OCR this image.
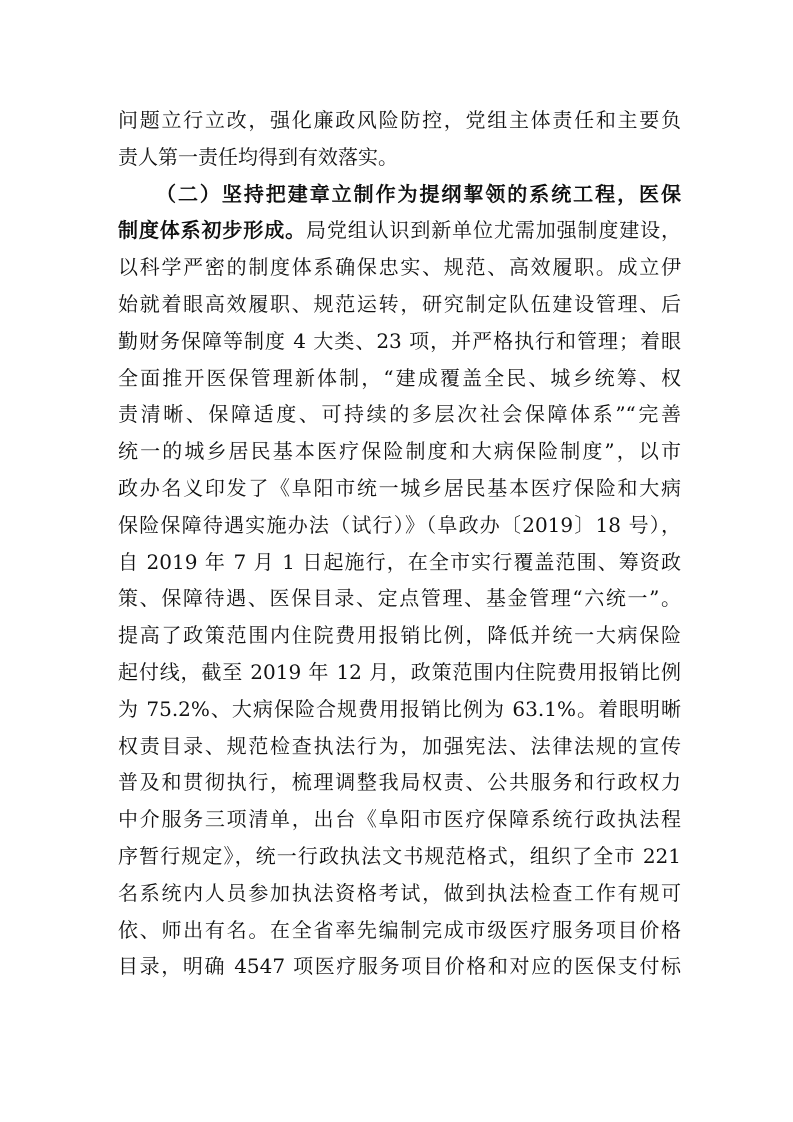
问题立行立改，强化廉政风险防控，党组主体责任和主要负
责人第一责任均得到有效落实。
（二）坚持把建章立制作为提纲挈领的系统工程，医保
制度体系初步形成。局党组认识到新单位尤需加强制度建设，
以科学严密的制度体系确保忠实、规范、高效履职。成立伊
始就着眼高效履职、规范运转，研究制定队伍建设管理、后
勤财务保障等制度 4 大类、23 项，并严格执行和管理；着眼
全面推开医保管理新体制，“建成覆盖全民、城乡统筹、权
责清晰、保障适度、可持续的多层次社会保障体系”“完善
统一的城乡居民基本医疗保险制度和大病保险制度”，以市
政办名义印发了《阜阳市统一城乡居民基本医疗保险和大病
保险保障待遇实施办法（试行）》（阜政办〔2019〕18 号），
自 2019 年 7 月 1 日起施行，在全市实行覆盖范围、筹资政
策、保障待遇、医保目录、定点管理、基金管理“六统一”。
提高了政策范围内住院费用报销比例，降低并统一大病保险
起付线，截至 2019 年 12 月，政策范围内住院费用报销比例
为 75.2%、大病保险合规费用报销比例为 63.1%。着眼明晰
权责目录、规范检查执法行为，加强宪法、法律法规的宣传
普及和贯彻执行，梳理调整我局权责、公共服务和行政权力
中介服务三项清单，出台《阜阳市医疗保障系统行政执法程
序暂行规定》，统一行政执法文书规范格式，组织了全市 221
名系统内人员参加执法资格考试，做到执法检查工作有规可
依、师出有名。在全省率先编制完成市级医疗服务项目价格
目录，明确 4547 项医疗服务项目价格和对应的医保支付标
